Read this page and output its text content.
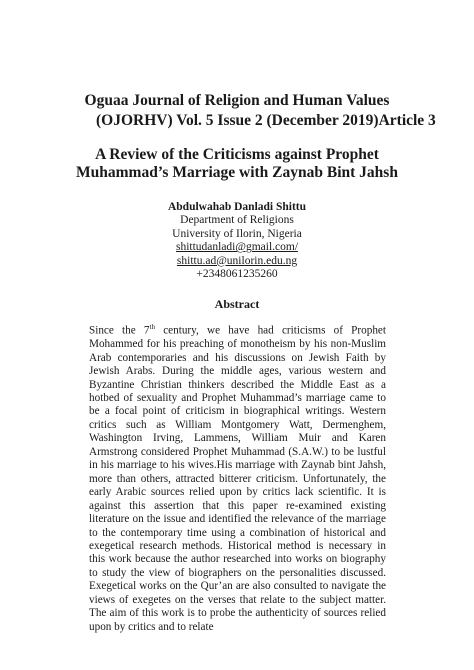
Oguaa Journal of Religion and Human Values
(OJORHV) Vol. 5 Issue 2 (December 2019) Article 3
A Review of the Criticisms against Prophet
Muhammad’s Marriage with Zaynab Bint Jahsh
Abdulwahab Danladi Shittu
Department of Religions
University of Ilorin, Nigeria
shittudanladi@gmail.com/
shittu.ad@unilorin.edu.ng
+2348061235260
Abstract

Since the 7th century, we have had criticisms of Prophet Mohammed for his preaching of monotheism by his non-Muslim Arab contemporaries and his discussions on Jewish Faith by Jewish Arabs. During the middle ages, various western and Byzantine Christian thinkers described the Middle East as a hotbed of sexuality and Prophet Muhammad’s marriage came to be a focal point of criticism in biographical writings. Western critics such as William Montgomery Watt, Dermenghem, Washington Irving, Lammens, William Muir and Karen Armstrong considered Prophet Muhammad (S.A.W.) to be lustful in his marriage to his wives.His marriage with Zaynab bint Jahsh, more than others, attracted bitterer criticism. Unfortunately, the early Arabic sources relied upon by critics lack scientific. It is against this assertion that this paper re-examined existing literature on the issue and identified the relevance of the marriage to the contemporary time using a combination of historical and exegetical research methods. Historical method is necessary in this work because the author researched into works on biography to study the view of biographers on the personalities discussed. Exegetical works on the Qur’an are also consulted to navigate the views of exegetes on the verses that relate to the subject matter. The aim of this work is to probe the authenticity of sources relied upon by critics and to relate
